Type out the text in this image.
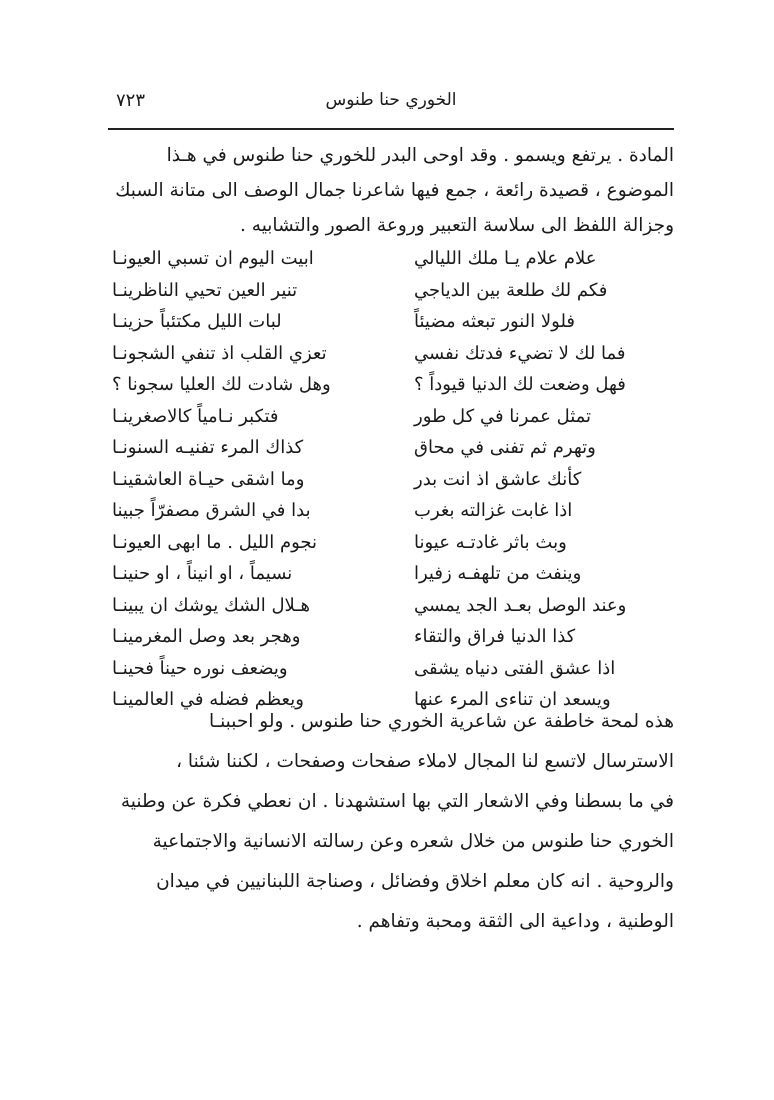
الخوري حنا طنوس
٧٢٣

المادة . يرتفع ويسمو . وقد اوحى البدر للخوري حنا طنوس في هـذا

الموضوع ، قصيدة رائعة ، جمع فيها شاعرنا جمال الوصف الى متانة السبك

وجزالة اللفظ الى سلاسة التعبير وروعة الصور والتشابيه .

علام علام يـا ملك الليالي
ابيت اليوم ان تسبي العيونـا
فكم لك طلعة بين الدياجي
تنير العين تحيي الناظرينـا
فلولا النور تبعثه مضيئاً
لبات الليل مكتئباً حزينـا
فما لك لا تضيء فدتك نفسي
تعزي القلب اذ تنفي الشجونـا
فهل وضعت لك الدنيا قيوداً ؟
وهل شادت لك العليا سجونا ؟
تمثل عمرنا في كل طور
فتكبر نـامياً كالاصغرينـا
وتهرم ثم تفنى في محاق
كذاك المرء تفنيـه السنونـا
كأنك عاشق اذ انت بدر
وما اشقى حيـاة العاشقينـا
اذا غابت غزالته بغرب
بدا في الشرق مصفرّاً جبينا
وبث باثر غادتـه عيونا
نجوم الليل . ما ابهى العيونـا
وينفث من تلهفـه زفيرا
نسيماً ، او انيناً ، او حنينـا
وعند الوصل بعـد الجد يمسي
هـلال الشك يوشك ان يبينـا
كذا الدنيا فراق والتقاء
وهجر بعد وصل المغرمينـا
اذا عشق الفتى دنياه يشقى
ويضعف نوره حيناً فحينـا
ويسعد ان تناءى المرء عنها
ويعظم فضله في العالمينـا

هذه لمحة خاطفة عن شاعرية الخوري حنا طنوس . ولو احببنـا

الاسترسال لاتسع لنا المجال لاملاء صفحات وصفحات ، لكننا شئنا ،

في ما بسطنا وفي الاشعار التي بها استشهدنا . ان نعطي فكرة عن وطنية

الخوري حنا طنوس من خلال شعره وعن رسالته الانسانية والاجتماعية

والروحية . انه كان معلم اخلاق وفضائل ، وصناجة اللبنانيين في ميدان

الوطنية ، وداعية الى الثقة ومحبة وتفاهم .
